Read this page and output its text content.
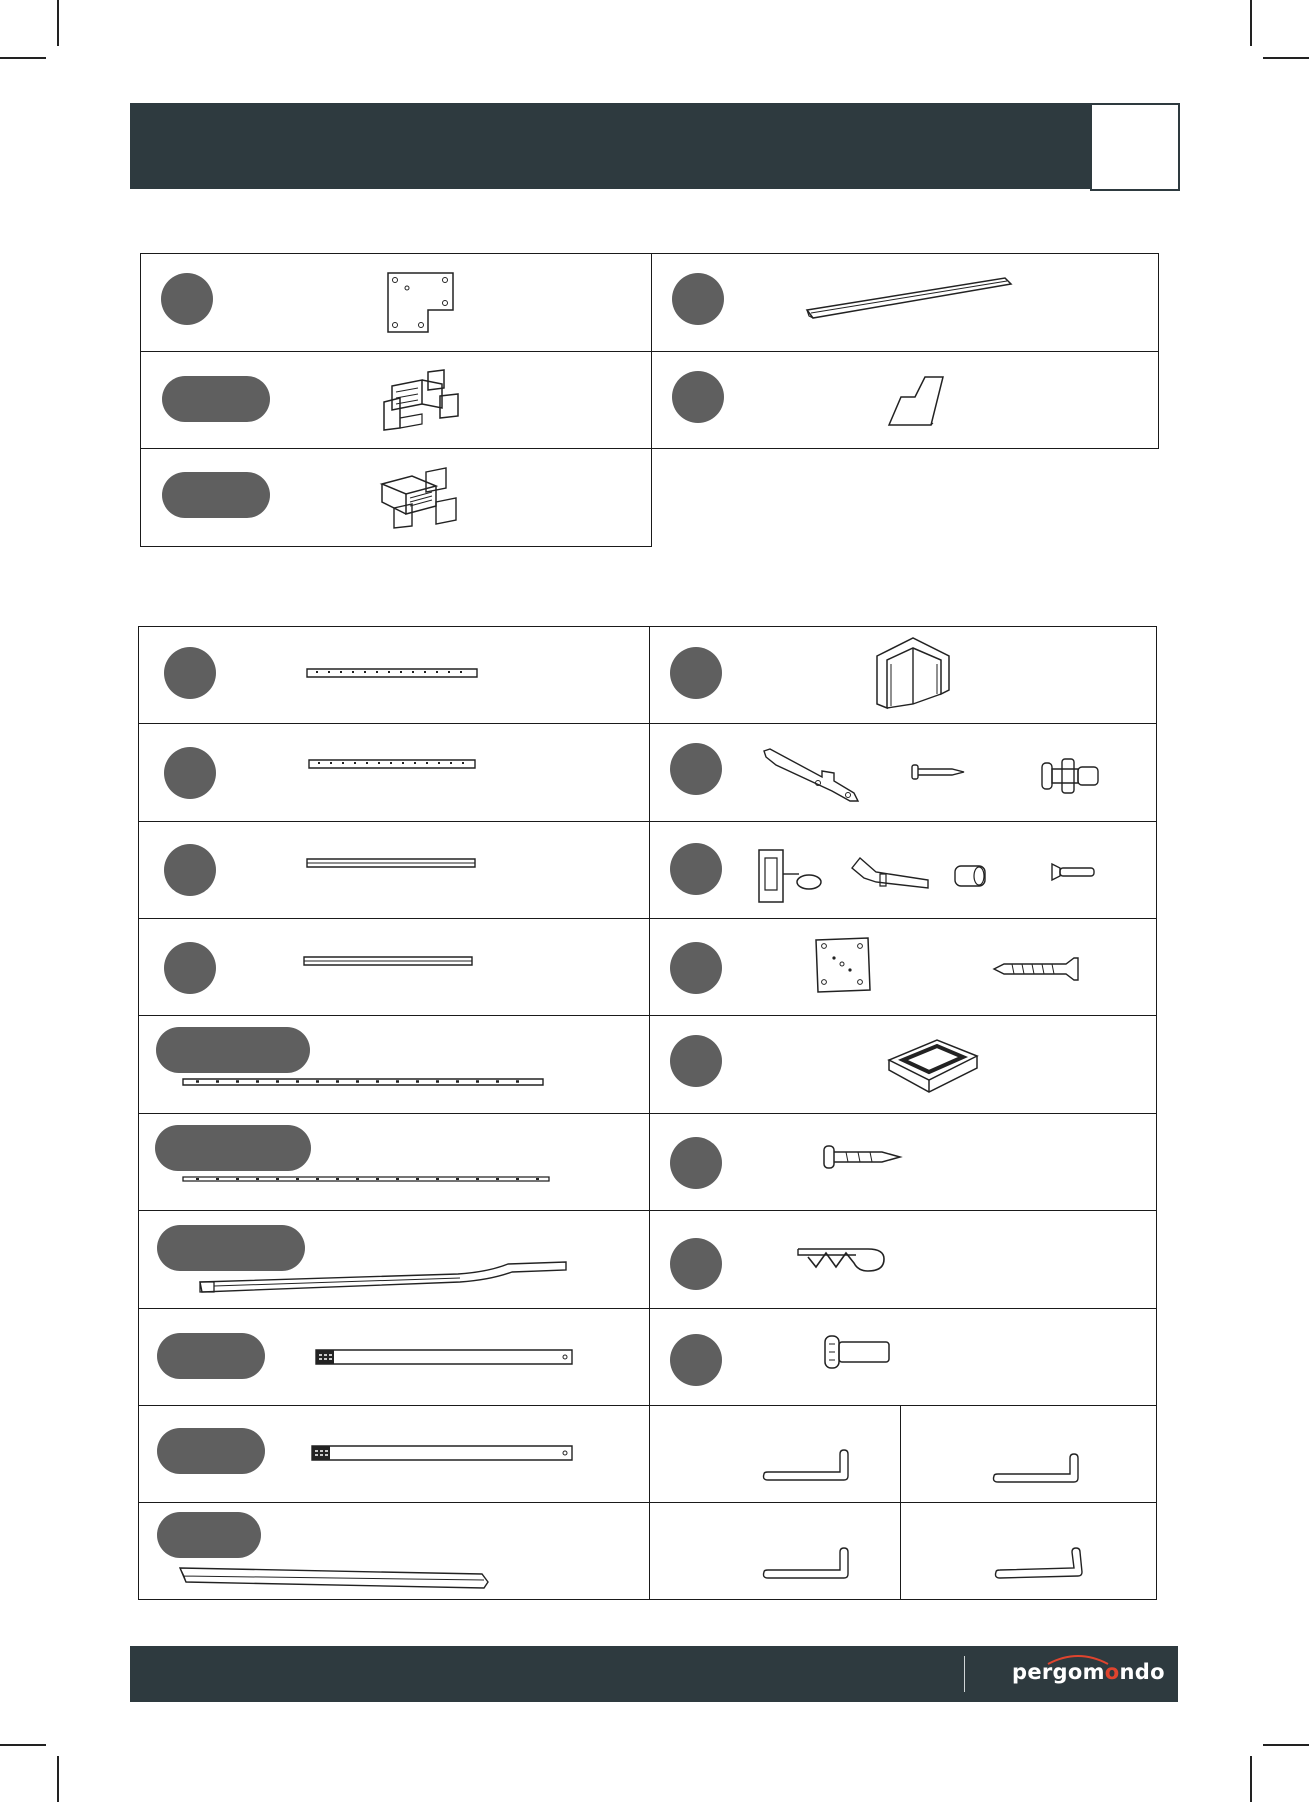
pergomondo
